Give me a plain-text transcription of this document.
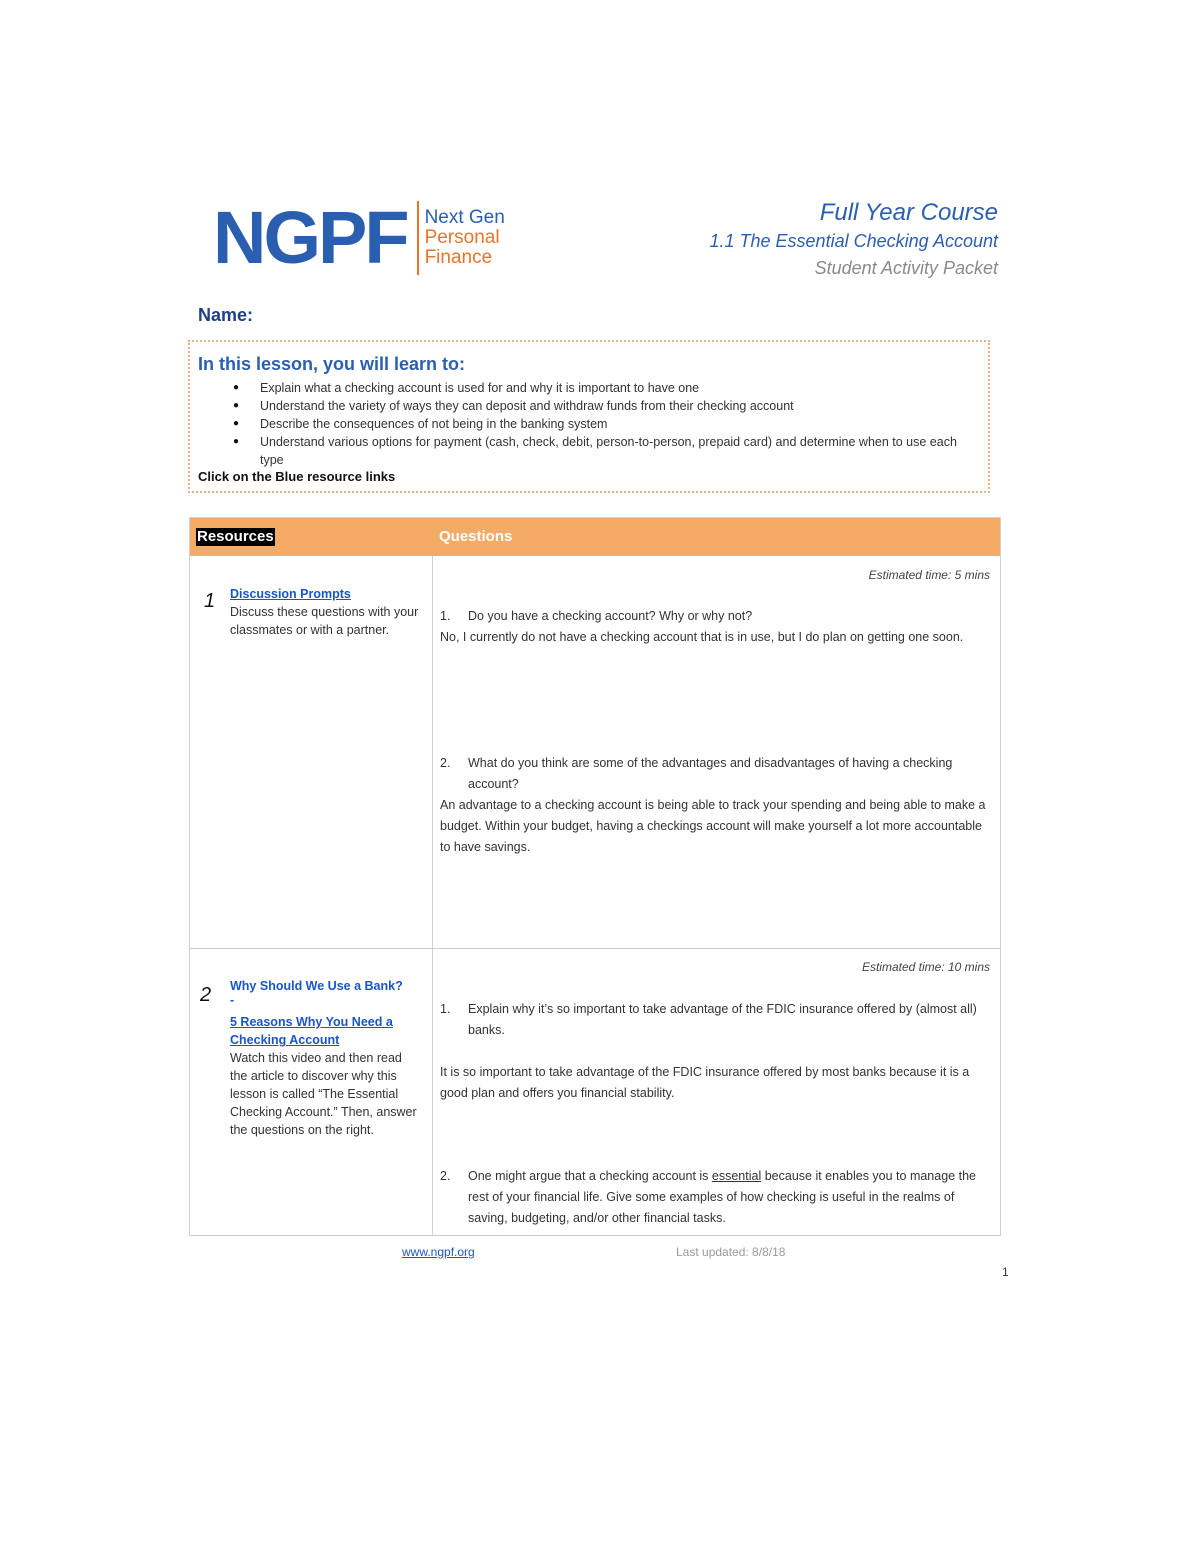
NGPF Next Gen
Personal
Finance
Full Year Course
1.1 The Essential Checking Account
Student Activity Packet
Name:
In this lesson, you will learn to:
● Explain what a checking account is used for and why it is important to have one
● Understand the variety of ways they can deposit and withdraw funds from their checking account
● Describe the consequences of not being in the banking system
● Understand various options for payment (cash, check, debit, person-to-person, prepaid card) and determine when to use each type
Click on the Blue resource links
Resources	Questions
1 Discussion Prompts
Discuss these questions with your classmates or with a partner.
Estimated time: 5 mins
1. Do you have a checking account? Why or why not?
No, I currently do not have a checking account that is in use, but I do plan on getting one soon.
2. What do you think are some of the advantages and disadvantages of having a checking account?
An advantage to a checking account is being able to track your spending and being able to make a budget. Within your budget, having a checkings account will make yourself a lot more accountable to have savings.
2 Why Should We Use a Bank?
-
5 Reasons Why You Need a Checking Account
Watch this video and then read the article to discover why this lesson is called “The Essential Checking Account.” Then, answer the questions on the right.
Estimated time: 10 mins
1. Explain why it’s so important to take advantage of the FDIC insurance offered by (almost all) banks.
It is so important to take advantage of the FDIC insurance offered by most banks because it is a good plan and offers you financial stability.
2. One might argue that a checking account is essential because it enables you to manage the rest of your financial life. Give some examples of how checking is useful in the realms of saving, budgeting, and/or other financial tasks.
www.ngpf.org	Last updated: 8/8/18
1
